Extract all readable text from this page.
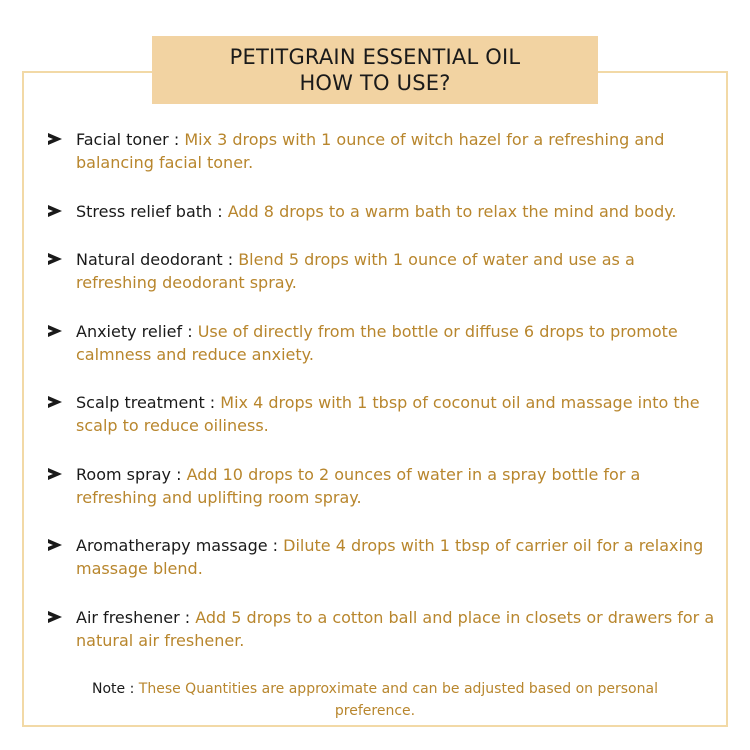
PETITGRAIN ESSENTIAL OIL
HOW TO USE?
Facial toner : Mix 3 drops with 1 ounce of witch hazel for a refreshing and balancing facial toner.
Stress relief bath : Add 8 drops to a warm bath to relax the mind and body.
Natural deodorant : Blend 5 drops with 1 ounce of water and use as a refreshing deodorant spray.
Anxiety relief : Use of directly from the bottle or diffuse 6 drops to promote calmness and reduce anxiety.
Scalp treatment : Mix 4 drops with 1 tbsp of coconut oil and massage into the scalp to reduce oiliness.
Room spray : Add 10 drops to 2 ounces of water in a spray bottle for a refreshing and uplifting room spray.
Aromatherapy massage : Dilute 4 drops with 1 tbsp of carrier oil for a relaxing massage blend.
Air freshener : Add 5 drops to a cotton ball and place in closets or drawers for a natural air freshener.
Note : These Quantities are approximate and can be adjusted based on personal preference.
